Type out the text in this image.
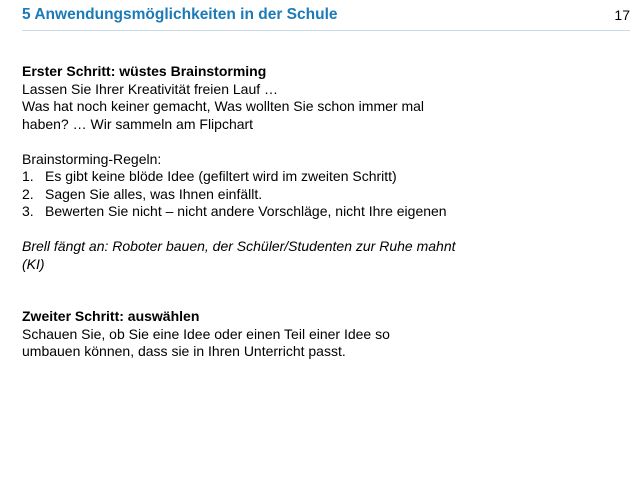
5 Anwendungsmöglichkeiten in der Schule	17

Erster Schritt: wüstes Brainstorming

Lassen Sie Ihrer Kreativität freien Lauf …

Was hat noch keiner gemacht, Was wollten Sie schon immer mal haben? … Wir sammeln am Flipchart

Brainstorming-Regeln:

1. Es gibt keine blöde Idee (gefiltert wird im zweiten Schritt)
2. Sagen Sie alles, was Ihnen einfällt.
3. Bewerten Sie nicht – nicht andere Vorschläge, nicht Ihre eigenen

Brell fängt an: Roboter bauen, der Schüler/Studenten zur Ruhe mahnt (KI)

Zweiter Schritt: auswählen

Schauen Sie, ob Sie eine Idee oder einen Teil einer Idee so umbauen können, dass sie in Ihren Unterricht passt.
